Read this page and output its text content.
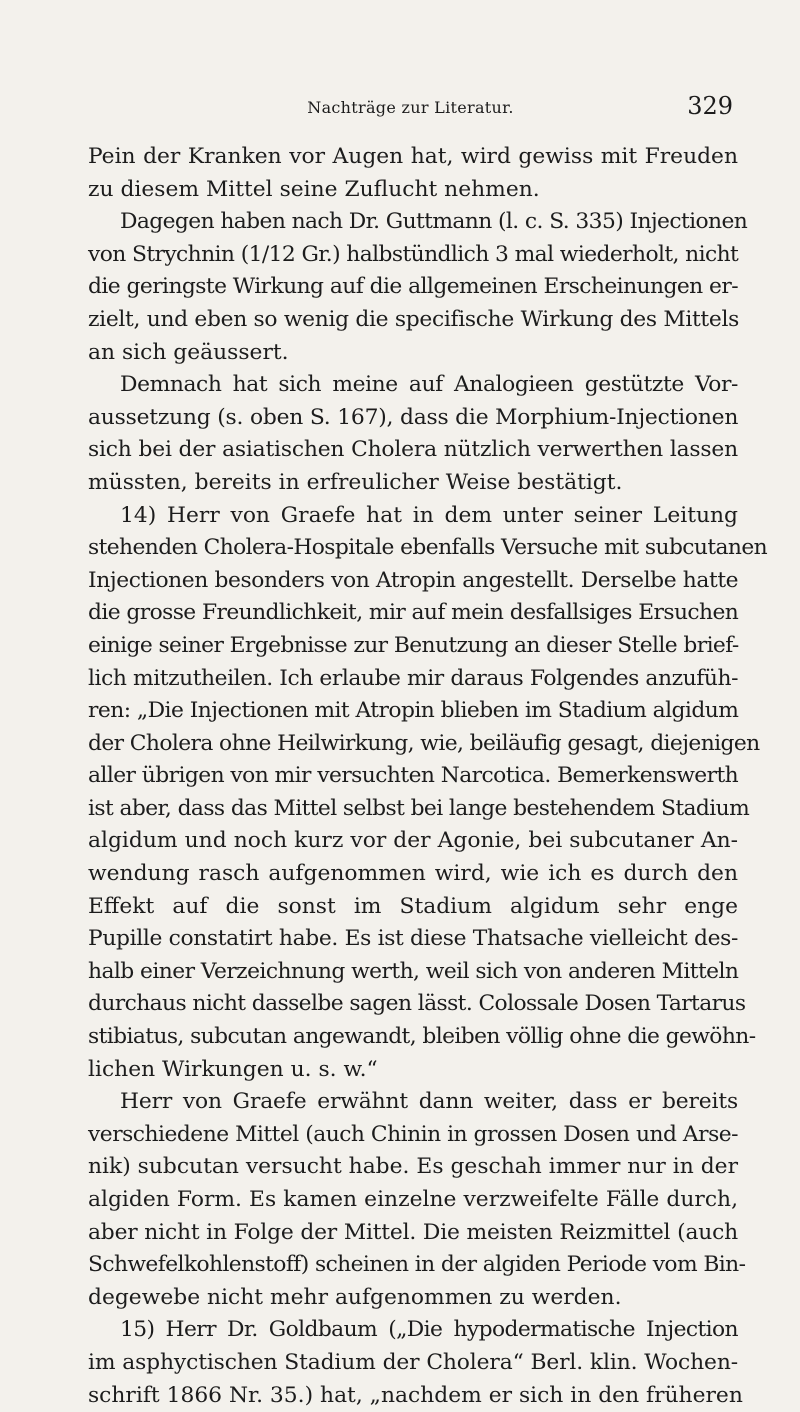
Nachträge zur Literatur.	329
Pein der Kranken vor Augen hat, wird gewiss mit Freuden
zu diesem Mittel seine Zuflucht nehmen.
Dagegen haben nach Dr. Guttmann (l. c. S. 335) Injectionen
von Strychnin (1/12 Gr.) halbstündlich 3 mal wiederholt, nicht
die geringste Wirkung auf die allgemeinen Erscheinungen er-
zielt, und eben so wenig die specifische Wirkung des Mittels
an sich geäussert.
Demnach hat sich meine auf Analogieen gestützte Vor-
aussetzung (s. oben S. 167), dass die Morphium-Injectionen
sich bei der asiatischen Cholera nützlich verwerthen lassen
müssten, bereits in erfreulicher Weise bestätigt.
14) Herr von Graefe hat in dem unter seiner Leitung
stehenden Cholera-Hospitale ebenfalls Versuche mit subcutanen
Injectionen besonders von Atropin angestellt. Derselbe hatte
die grosse Freundlichkeit, mir auf mein desfallsiges Ersuchen
einige seiner Ergebnisse zur Benutzung an dieser Stelle brief-
lich mitzutheilen. Ich erlaube mir daraus Folgendes anzufüh-
ren: „Die Injectionen mit Atropin blieben im Stadium algidum
der Cholera ohne Heilwirkung, wie, beiläufig gesagt, diejenigen
aller übrigen von mir versuchten Narcotica. Bemerkenswerth
ist aber, dass das Mittel selbst bei lange bestehendem Stadium
algidum und noch kurz vor der Agonie, bei subcutaner An-
wendung rasch aufgenommen wird, wie ich es durch den
Effekt auf die sonst im Stadium algidum sehr enge
Pupille constatirt habe. Es ist diese Thatsache vielleicht des-
halb einer Verzeichnung werth, weil sich von anderen Mitteln
durchaus nicht dasselbe sagen lässt. Colossale Dosen Tartarus
stibiatus, subcutan angewandt, bleiben völlig ohne die gewöhn-
lichen Wirkungen u. s. w.“
Herr von Graefe erwähnt dann weiter, dass er bereits
verschiedene Mittel (auch Chinin in grossen Dosen und Arse-
nik) subcutan versucht habe. Es geschah immer nur in der
algiden Form. Es kamen einzelne verzweifelte Fälle durch,
aber nicht in Folge der Mittel. Die meisten Reizmittel (auch
Schwefelkohlenstoff) scheinen in der algiden Periode vom Bin-
degewebe nicht mehr aufgenommen zu werden.
15) Herr Dr. Goldbaum („Die hypodermatische Injection
im asphyctischen Stadium der Cholera“ Berl. klin. Wochen-
schrift 1866 Nr. 35.) hat, „nachdem er sich in den früheren
